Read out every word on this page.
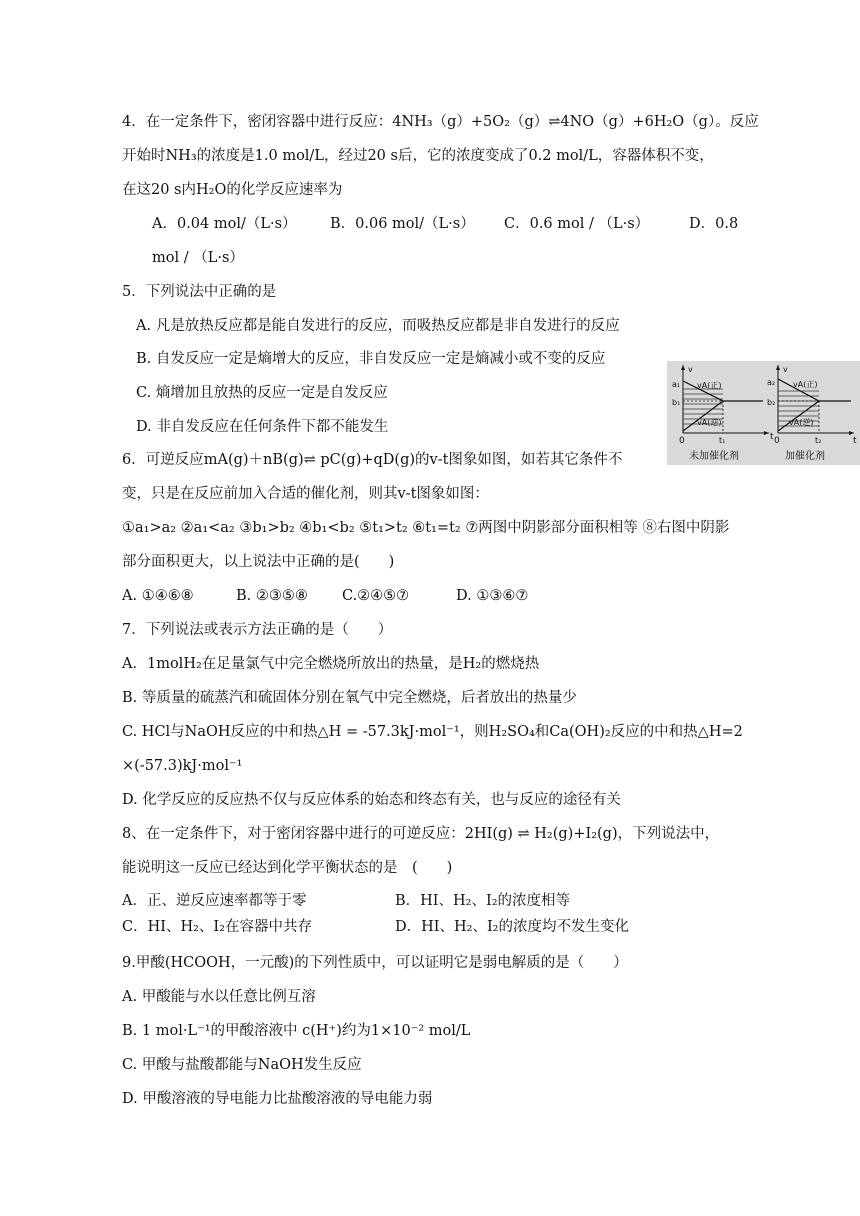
4．在一定条件下，密闭容器中进行反应：4NH₃（g）+5O₂（g）⇌4NO（g）+6H₂O（g）。反应
开始时NH₃的浓度是1.0 mol/L，经过20 s后，它的浓度变成了0.2 mol/L，容器体积不变，
在这20 s内H₂O的化学反应速率为
A．0.04 mol/（L·s） B．0.06 mol/（L·s） C．0.6 mol / （L·s）	D．0.8
mol / （L·s）
5．下列说法中正确的是
A. 凡是放热反应都是能自发进行的反应，而吸热反应都是非自发进行的反应
B. 自发反应一定是熵增大的反应，非自发反应一定是熵减小或不变的反应
C. 熵增加且放热的反应一定是自发反应
D. 非自发反应在任何条件下都不能发生
v
t
0
a₁
b₁
t₁
vA(正)
vA(逆)
未加催化剂
v
t
0
a₂
b₂
t₂
vA(正)
vA(逆)
加催化剂
6．可逆反应mA(g)＋nB(g)⇌ pC(g)+qD(g)的v-t图象如图，如若其它条件不
变，只是在反应前加入合适的催化剂，则其v-t图象如图：
①a₁>a₂ ②a₁<a₂ ③b₁>b₂ ④b₁<b₂ ⑤t₁>t₂ ⑥t₁=t₂ ⑦两图中阴影部分面积相等 ⑧右图中阴影
部分面积更大，以上说法中正确的是(　　)
A. ①④⑥⑧	B. ②③⑤⑧ C.②④⑤⑦	D. ①③⑥⑦
7．下列说法或表示方法正确的是（　　）
A．1molH₂在足量氯气中完全燃烧所放出的热量，是H₂的燃烧热
B. 等质量的硫蒸汽和硫固体分别在氧气中完全燃烧，后者放出的热量少
C. HCl与NaOH反应的中和热△H = -57.3kJ·mol⁻¹，则H₂SO₄和Ca(OH)₂反应的中和热△H=2
×(-57.3)kJ·mol⁻¹
D. 化学反应的反应热不仅与反应体系的始态和终态有关，也与反应的途径有关
8、在一定条件下，对于密闭容器中进行的可逆反应：2HI(g) ⇌ H₂(g)+I₂(g)，下列说法中，
能说明这一反应已经达到化学平衡状态的是　(　　)
A．正、逆反应速率都等于零	B．HI、H₂、I₂的浓度相等
C．HI、H₂、I₂在容器中共存	D．HI、H₂、I₂的浓度均不发生变化
9.甲酸(HCOOH，一元酸)的下列性质中，可以证明它是弱电解质的是（　　）
A. 甲酸能与水以任意比例互溶
B. 1 mol·L⁻¹的甲酸溶液中 c(H⁺)约为1×10⁻² mol/L
C. 甲酸与盐酸都能与NaOH发生反应
D. 甲酸溶液的导电能力比盐酸溶液的导电能力弱
